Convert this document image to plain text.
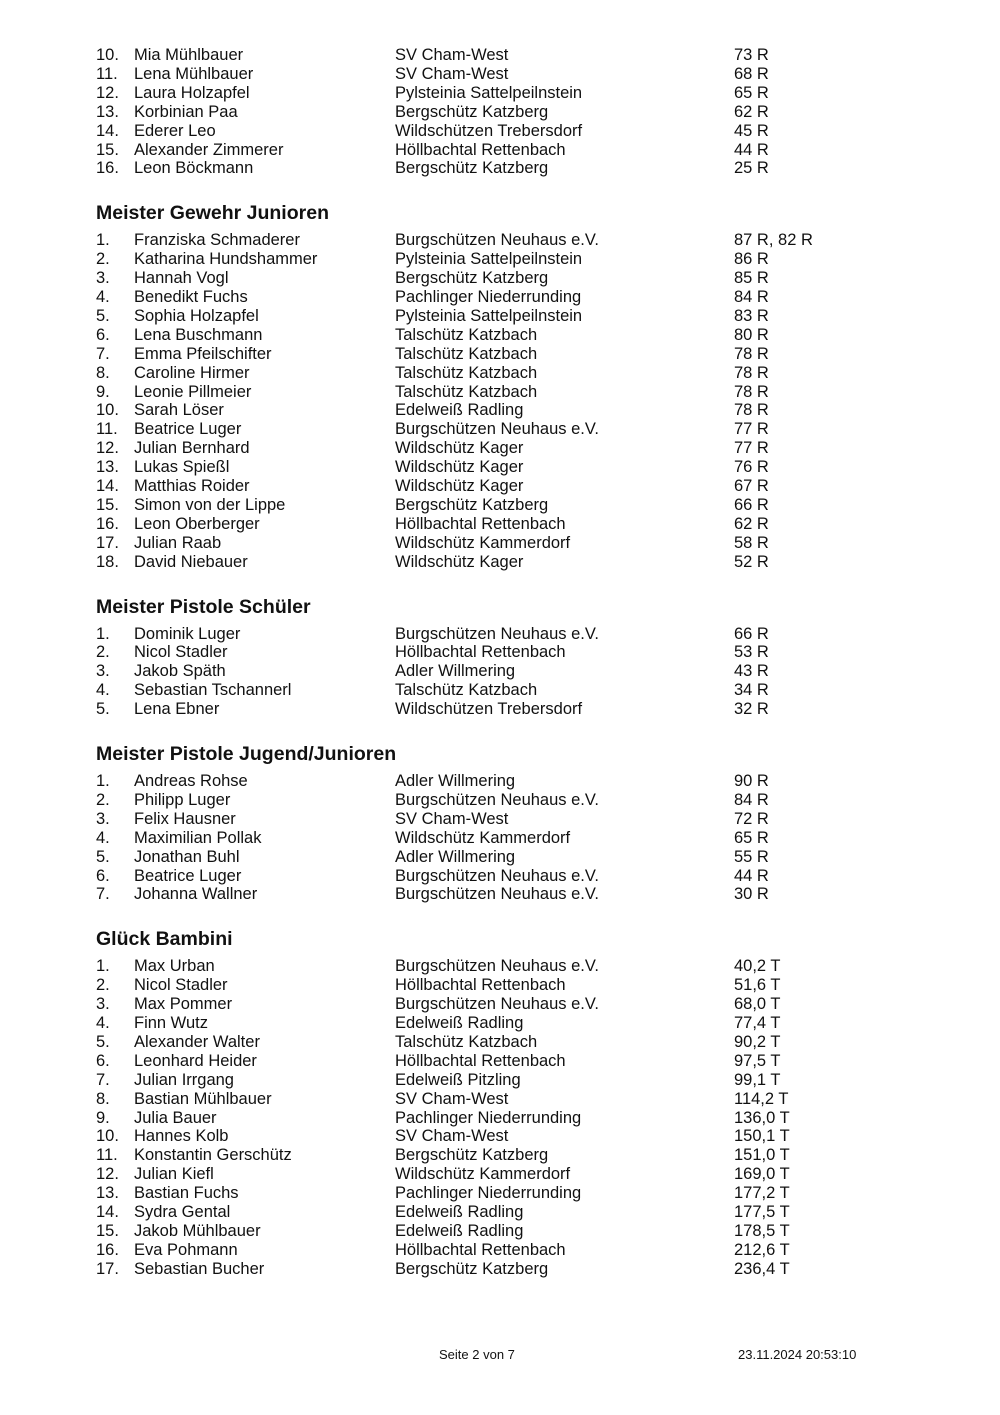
10. Mia Mühlbauer	SV Cham-West	73 R
11. Lena Mühlbauer	SV Cham-West	68 R
12. Laura Holzapfel	Pylsteinia Sattelpeilnstein	65 R
13. Korbinian Paa	Bergschütz Katzberg	62 R
14. Ederer Leo	Wildschützen Trebersdorf	45 R
15. Alexander Zimmerer	Höllbachtal Rettenbach	44 R
16. Leon Böckmann	Bergschütz Katzberg	25 R
Meister Gewehr Junioren
1. Franziska Schmaderer	Burgschützen Neuhaus e.V.	87 R, 82 R
2. Katharina Hundshammer	Pylsteinia Sattelpeilnstein	86 R
3. Hannah Vogl	Bergschütz Katzberg	85 R
4. Benedikt Fuchs	Pachlinger Niederrunding	84 R
5. Sophia Holzapfel	Pylsteinia Sattelpeilnstein	83 R
6. Lena Buschmann	Talschütz Katzbach	80 R
7. Emma Pfeilschifter	Talschütz Katzbach	78 R
8. Caroline Hirmer	Talschütz Katzbach	78 R
9. Leonie Pillmeier	Talschütz Katzbach	78 R
10. Sarah Löser	Edelweiß Radling	78 R
11. Beatrice Luger	Burgschützen Neuhaus e.V.	77 R
12. Julian Bernhard	Wildschütz Kager	77 R
13. Lukas Spießl	Wildschütz Kager	76 R
14. Matthias Roider	Wildschütz Kager	67 R
15. Simon von der Lippe	Bergschütz Katzberg	66 R
16. Leon Oberberger	Höllbachtal Rettenbach	62 R
17. Julian Raab	Wildschütz Kammerdorf	58 R
18. David Niebauer	Wildschütz Kager	52 R
Meister Pistole Schüler
1. Dominik Luger	Burgschützen Neuhaus e.V.	66 R
2. Nicol Stadler	Höllbachtal Rettenbach	53 R
3. Jakob Späth	Adler Willmering	43 R
4. Sebastian Tschannerl	Talschütz Katzbach	34 R
5. Lena Ebner	Wildschützen Trebersdorf	32 R
Meister Pistole Jugend/Junioren
1. Andreas Rohse	Adler Willmering	90 R
2. Philipp Luger	Burgschützen Neuhaus e.V.	84 R
3. Felix Hausner	SV Cham-West	72 R
4. Maximilian Pollak	Wildschütz Kammerdorf	65 R
5. Jonathan Buhl	Adler Willmering	55 R
6. Beatrice Luger	Burgschützen Neuhaus e.V.	44 R
7. Johanna Wallner	Burgschützen Neuhaus e.V.	30 R
Glück Bambini
1. Max Urban	Burgschützen Neuhaus e.V.	40,2 T
2. Nicol Stadler	Höllbachtal Rettenbach	51,6 T
3. Max Pommer	Burgschützen Neuhaus e.V.	68,0 T
4. Finn Wutz	Edelweiß Radling	77,4 T
5. Alexander Walter	Talschütz Katzbach	90,2 T
6. Leonhard Heider	Höllbachtal Rettenbach	97,5 T
7. Julian Irrgang	Edelweiß Pitzling	99,1 T
8. Bastian Mühlbauer	SV Cham-West	114,2 T
9. Julia Bauer	Pachlinger Niederrunding	136,0 T
10. Hannes Kolb	SV Cham-West	150,1 T
11. Konstantin Gerschütz	Bergschütz Katzberg	151,0 T
12. Julian Kiefl	Wildschütz Kammerdorf	169,0 T
13. Bastian Fuchs	Pachlinger Niederrunding	177,2 T
14. Sydra Gental	Edelweiß Radling	177,5 T
15. Jakob Mühlbauer	Edelweiß Radling	178,5 T
16. Eva Pohmann	Höllbachtal Rettenbach	212,6 T
17. Sebastian Bucher	Bergschütz Katzberg	236,4 T
Seite 2 von 7	23.11.2024 20:53:10
